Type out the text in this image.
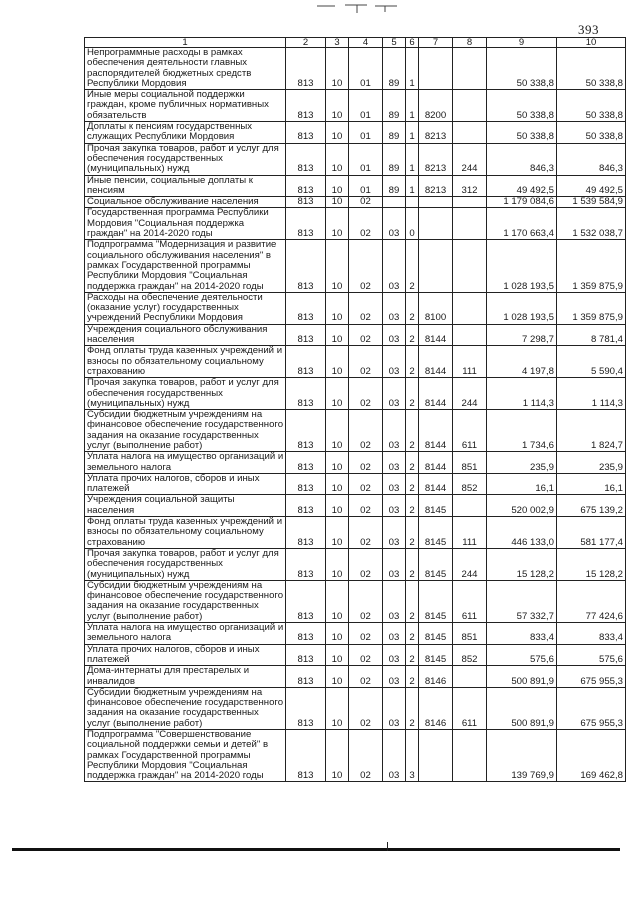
393
1	2	3	4	5	6	7	8	9	10
Непрограммные расходы в рамках обеспечения деятельности главных распорядителей бюджетных средств Республики Мордовия	813	10	01	89	1			50 338,8	50 338,8
Иные меры социальной поддержки граждан, кроме публичных нормативных обязательств	813	10	01	89	1	8200		50 338,8	50 338,8
Доплаты к пенсиям государственных служащих Республики Мордовия	813	10	01	89	1	8213		50 338,8	50 338,8
Прочая закупка товаров, работ и услуг для обеспечения государственных (муниципальных) нужд	813	10	01	89	1	8213	244	846,3	846,3
Иные пенсии, социальные доплаты к пенсиям	813	10	01	89	1	8213	312	49 492,5	49 492,5
Социальное обслуживание населения	813	10	02					1 179 084,6	1 539 584,9
Государственная программа Республики Мордовия "Социальная поддержка граждан" на 2014-2020 годы	813	10	02	03	0			1 170 663,4	1 532 038,7
Подпрограмма "Модернизация и развитие социального обслуживания населения" в рамках Государственной программы Республики Мордовия "Социальная поддержка граждан" на 2014-2020 годы	813	10	02	03	2			1 028 193,5	1 359 875,9
Расходы на обеспечение деятельности (оказание услуг) государственных учреждений Республики Мордовия	813	10	02	03	2	8100		1 028 193,5	1 359 875,9
Учреждения социального обслуживания населения	813	10	02	03	2	8144		7 298,7	8 781,4
Фонд оплаты труда казенных учреждений и взносы по обязательному социальному страхованию	813	10	02	03	2	8144	111	4 197,8	5 590,4
Прочая закупка товаров, работ и услуг для обеспечения государственных (муниципальных) нужд	813	10	02	03	2	8144	244	1 114,3	1 114,3
Субсидии бюджетным учреждениям на финансовое обеспечение государственного задания на оказание государственных услуг (выполнение работ)	813	10	02	03	2	8144	611	1 734,6	1 824,7
Уплата налога на имущество организаций и земельного налога	813	10	02	03	2	8144	851	235,9	235,9
Уплата прочих налогов, сборов и иных платежей	813	10	02	03	2	8144	852	16,1	16,1
Учреждения социальной защиты населения	813	10	02	03	2	8145		520 002,9	675 139,2
Фонд оплаты труда казенных учреждений и взносы по обязательному социальному страхованию	813	10	02	03	2	8145	111	446 133,0	581 177,4
Прочая закупка товаров, работ и услуг для обеспечения государственных (муниципальных) нужд	813	10	02	03	2	8145	244	15 128,2	15 128,2
Субсидии бюджетным учреждениям на финансовое обеспечение государственного задания на оказание государственных услуг (выполнение работ)	813	10	02	03	2	8145	611	57 332,7	77 424,6
Уплата налога на имущество организаций и земельного налога	813	10	02	03	2	8145	851	833,4	833,4
Уплата прочих налогов, сборов и иных платежей	813	10	02	03	2	8145	852	575,6	575,6
Дома-интернаты для престарелых и инвалидов	813	10	02	03	2	8146		500 891,9	675 955,3
Субсидии бюджетным учреждениям на финансовое обеспечение государственного задания на оказание государственных услуг (выполнение работ)	813	10	02	03	2	8146	611	500 891,9	675 955,3
Подпрограмма "Совершенствование социальной поддержки семьи и детей" в рамках Государственной программы Республики Мордовия "Социальная поддержка граждан" на 2014-2020 годы	813	10	02	03	3			139 769,9	169 462,8
